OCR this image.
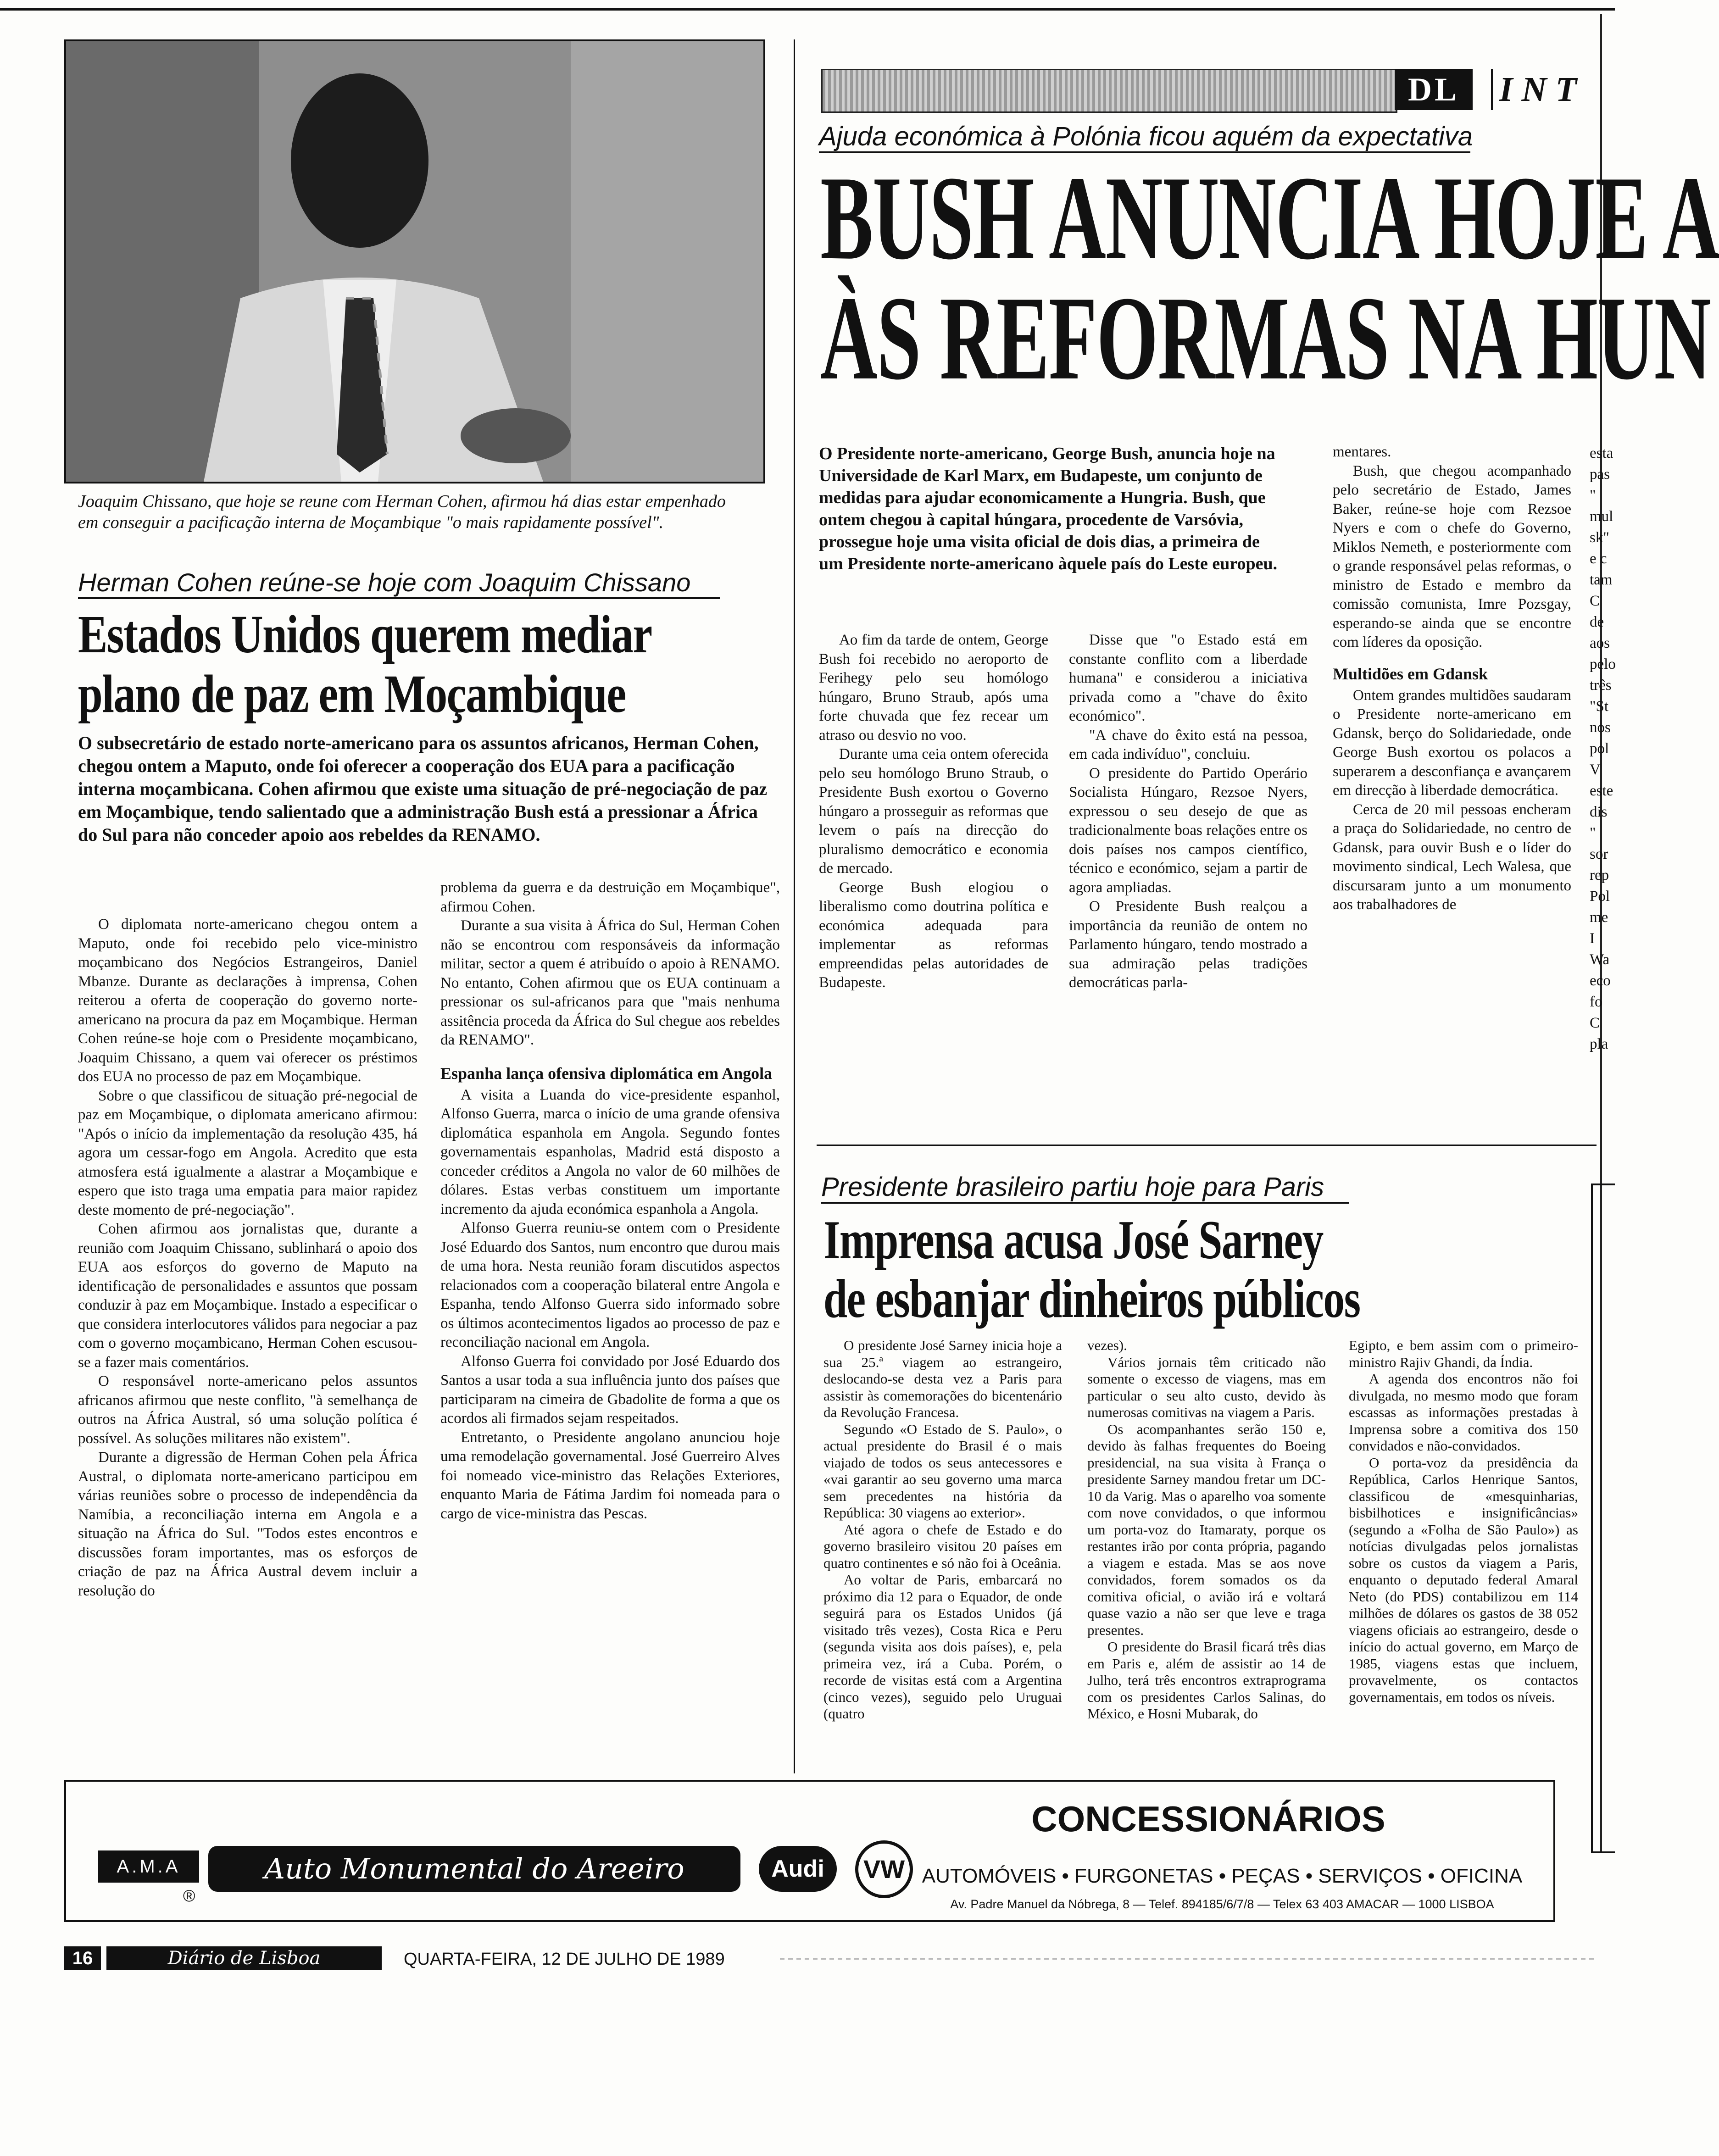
Joaquim Chissano, que hoje se reune com Herman Cohen, afirmou há dias estar empenhado em conseguir a pacificação interna de Moçambique "o mais rapidamente possível".
Herman Cohen reúne-se hoje com Joaquim Chissano
Estados Unidos querem mediar
plano de paz em Moçambique
O subsecretário de estado norte-americano para os assuntos africanos, Herman Cohen, chegou ontem a Maputo, onde foi oferecer a cooperação dos EUA para a pacificação interna moçambicana. Cohen afirmou que existe uma situação de pré-negociação de paz em Moçambique, tendo salientado que a administração Bush está a pressionar a África do Sul para não conceder apoio aos rebeldes da RENAMO.

O diplomata norte-americano chegou ontem a Maputo, onde foi recebido pelo vice-ministro moçambicano dos Negócios Estrangeiros, Daniel Mbanze. Durante as declarações à imprensa, Cohen reiterou a oferta de cooperação do governo norte-americano na procura da paz em Moçambique. Herman Cohen reúne-se hoje com o Presidente moçambicano, Joaquim Chissano, a quem vai oferecer os préstimos dos EUA no processo de paz em Moçambique.

Sobre o que classificou de situação pré-negocial de paz em Moçambique, o diplomata americano afirmou: "Após o início da implementação da resolução 435, há agora um cessar-fogo em Angola. Acredito que esta atmosfera está igualmente a alastrar a Moçambique e espero que isto traga uma empatia para maior rapidez deste momento de pré-negociação".

Cohen afirmou aos jornalistas que, durante a reunião com Joaquim Chissano, sublinhará o apoio dos EUA aos esforços do governo de Maputo na identificação de personalidades e assuntos que possam conduzir à paz em Moçambique. Instado a especificar o que considera interlocutores válidos para negociar a paz com o governo moçambicano, Herman Cohen escusou-se a fazer mais comentários.

O responsável norte-americano pelos assuntos africanos afirmou que neste conflito, "à semelhança de outros na África Austral, só uma solução política é possível. As soluções militares não existem".

Durante a digressão de Herman Cohen pela África Austral, o diplomata norte-americano participou em várias reuniões sobre o processo de independência da Namíbia, a reconciliação interna em Angola e a situação na África do Sul. "Todos estes encontros e discussões foram importantes, mas os esforços de criação de paz na África Austral devem incluir a resolução do

problema da guerra e da destruição em Moçambique", afirmou Cohen.

Durante a sua visita à África do Sul, Herman Cohen não se encontrou com responsáveis da informação militar, sector a quem é atribuído o apoio à RENAMO. No entanto, Cohen afirmou que os EUA continuam a pressionar os sul-africanos para que "mais nenhuma assitência proceda da África do Sul chegue aos rebeldes da RENAMO".

Espanha lança ofensiva diplomática em Angola

A visita a Luanda do vice-presidente espanhol, Alfonso Guerra, marca o início de uma grande ofensiva diplomática espanhola em Angola. Segundo fontes governamentais espanholas, Madrid está disposto a conceder créditos a Angola no valor de 60 milhões de dólares. Estas verbas constituem um importante incremento da ajuda económica espanhola a Angola.

Alfonso Guerra reuniu-se ontem com o Presidente José Eduardo dos Santos, num encontro que durou mais de uma hora. Nesta reunião foram discutidos aspectos relacionados com a cooperação bilateral entre Angola e Espanha, tendo Alfonso Guerra sido informado sobre os últimos acontecimentos ligados ao processo de paz e reconciliação nacional em Angola.

Alfonso Guerra foi convidado por José Eduardo dos Santos a usar toda a sua influência junto dos países que participaram na cimeira de Gbadolite de forma a que os acordos ali firmados sejam respeitados.

Entretanto, o Presidente angolano anunciou hoje uma remodelação governamental. José Guerreiro Alves foi nomeado vice-ministro das Relações Exteriores, enquanto Maria de Fátima Jardim foi nomeada para o cargo de vice-ministra das Pescas.

DL	I N T
Ajuda económica à Polónia ficou aquém da expectativa
BUSH ANUNCIA HOJE A
ÀS REFORMAS NA HUN
O Presidente norte-americano, George Bush, anuncia hoje na Universidade de Karl Marx, em Budapeste, um conjunto de medidas para ajudar economicamente a Hungria. Bush, que ontem chegou à capital húngara, procedente de Varsóvia, prossegue hoje uma visita oficial de dois dias, a primeira de um Presidente norte-americano àquele país do Leste europeu.

Ao fim da tarde de ontem, George Bush foi recebido no aeroporto de Ferihegy pelo seu homólogo húngaro, Bruno Straub, após uma forte chuvada que fez recear um atraso ou desvio no voo.

Durante uma ceia ontem oferecida pelo seu homólogo Bruno Straub, o Presidente Bush exortou o Governo húngaro a prosseguir as reformas que levem o país na direcção do pluralismo democrático e economia de mercado.

George Bush elogiou o liberalismo como doutrina política e económica adequada para implementar as reformas empreendidas pelas autoridades de Budapeste.

Disse que "o Estado está em constante conflito com a liberdade humana" e considerou a iniciativa privada como a "chave do êxito económico".

"A chave do êxito está na pessoa, em cada indivíduo", concluiu.

O presidente do Partido Operário Socialista Húngaro, Rezsoe Nyers, expressou o seu desejo de que as tradicionalmente boas relações entre os dois países nos campos científico, técnico e económico, sejam a partir de agora ampliadas.

O Presidente Bush realçou a importância da reunião de ontem no Parlamento húngaro, tendo mostrado a sua admiração pelas tradições democráticas parla-

mentares.

Bush, que chegou acompanhado pelo secretário de Estado, James Baker, reúne-se hoje com Rezsoe Nyers e com o chefe do Governo, Miklos Nemeth, e posteriormente com o grande responsável pelas reformas, o ministro de Estado e membro da comissão comunista, Imre Pozsgay, esperando-se ainda que se encontre com líderes da oposição.

Multidões em Gdansk

Ontem grandes multidões saudaram o Presidente norte-americano em Gdansk, berço do Solidariedade, onde George Bush exortou os polacos a superarem a desconfiança e avançarem em direcção à liberdade democrática.

Cerca de 20 mil pessoas encheram a praça do Solidariedade, no centro de Gdansk, para ouvir Bush e o líder do movimento sindical, Lech Walesa, que discursaram junto a um monumento aos trabalhadores de

esta
pas
"
mul
sk"
e c
tam
C
de
aos
pelo
três
"St
nos
pol
V
este
dis
"
sor
rep
Pol
me
I
Wa
eco
fo
C
pla
Presidente brasileiro partiu hoje para Paris
Imprensa acusa José Sarney
de esbanjar dinheiros públicos

O presidente José Sarney inicia hoje a sua 25.ª viagem ao estrangeiro, deslocando-se desta vez a Paris para assistir às comemorações do bicentenário da Revolução Francesa.

Segundo «O Estado de S. Paulo», o actual presidente do Brasil é o mais viajado de todos os seus antecessores e «vai garantir ao seu governo uma marca sem precedentes na história da República: 30 viagens ao exterior».

Até agora o chefe de Estado e do governo brasileiro visitou 20 países em quatro continentes e só não foi à Oceânia.

Ao voltar de Paris, embarcará no próximo dia 12 para o Equador, de onde seguirá para os Estados Unidos (já visitado três vezes), Costa Rica e Peru (segunda visita aos dois países), e, pela primeira vez, irá a Cuba. Porém, o recorde de visitas está com a Argentina (cinco vezes), seguido pelo Uruguai (quatro

vezes).

Vários jornais têm criticado não somente o excesso de viagens, mas em particular o seu alto custo, devido às numerosas comitivas na viagem a Paris.

Os acompanhantes serão 150 e, devido às falhas frequentes do Boeing presidencial, na sua visita à França o presidente Sarney mandou fretar um DC-10 da Varig. Mas o aparelho voa somente com nove convidados, o que informou um porta-voz do Itamaraty, porque os restantes irão por conta própria, pagando a viagem e estada. Mas se aos nove convidados, forem somados os da comitiva oficial, o avião irá e voltará quase vazio a não ser que leve e traga presentes.

O presidente do Brasil ficará três dias em Paris e, além de assistir ao 14 de Julho, terá três encontros extraprograma com os presidentes Carlos Salinas, do México, e Hosni Mubarak, do

Egipto, e bem assim com o primeiro-ministro Rajiv Ghandi, da Índia.

A agenda dos encontros não foi divulgada, no mesmo modo que foram escassas as informações prestadas à Imprensa sobre a comitiva dos 150 convidados e não-convidados.

O porta-voz da presidência da República, Carlos Henrique Santos, classificou de «mesquinharias, bisbilhotices e insignificâncias» (segundo a «Folha de São Paulo») as notícias divulgadas pelos jornalistas sobre os custos da viagem a Paris, enquanto o deputado federal Amaral Neto (do PDS) contabilizou em 114 milhões de dólares os gastos de 38 052 viagens oficiais ao estrangeiro, desde o início do actual governo, em Março de 1985, viagens estas que incluem, provavelmente, os contactos governamentais, em todos os níveis.

A.M.A
®
Auto Monumental do Areeiro	Audi	VW
CONCESSIONÁRIOS
AUTOMÓVEIS • FURGONETAS • PEÇAS • SERVIÇOS • OFICINA
Av. Padre Manuel da Nóbrega, 8 — Telef. 894185/6/7/8 — Telex 63 403 AMACAR — 1000 LISBOA
16	Diário de Lisboa	QUARTA-FEIRA, 12 DE JULHO DE 1989
